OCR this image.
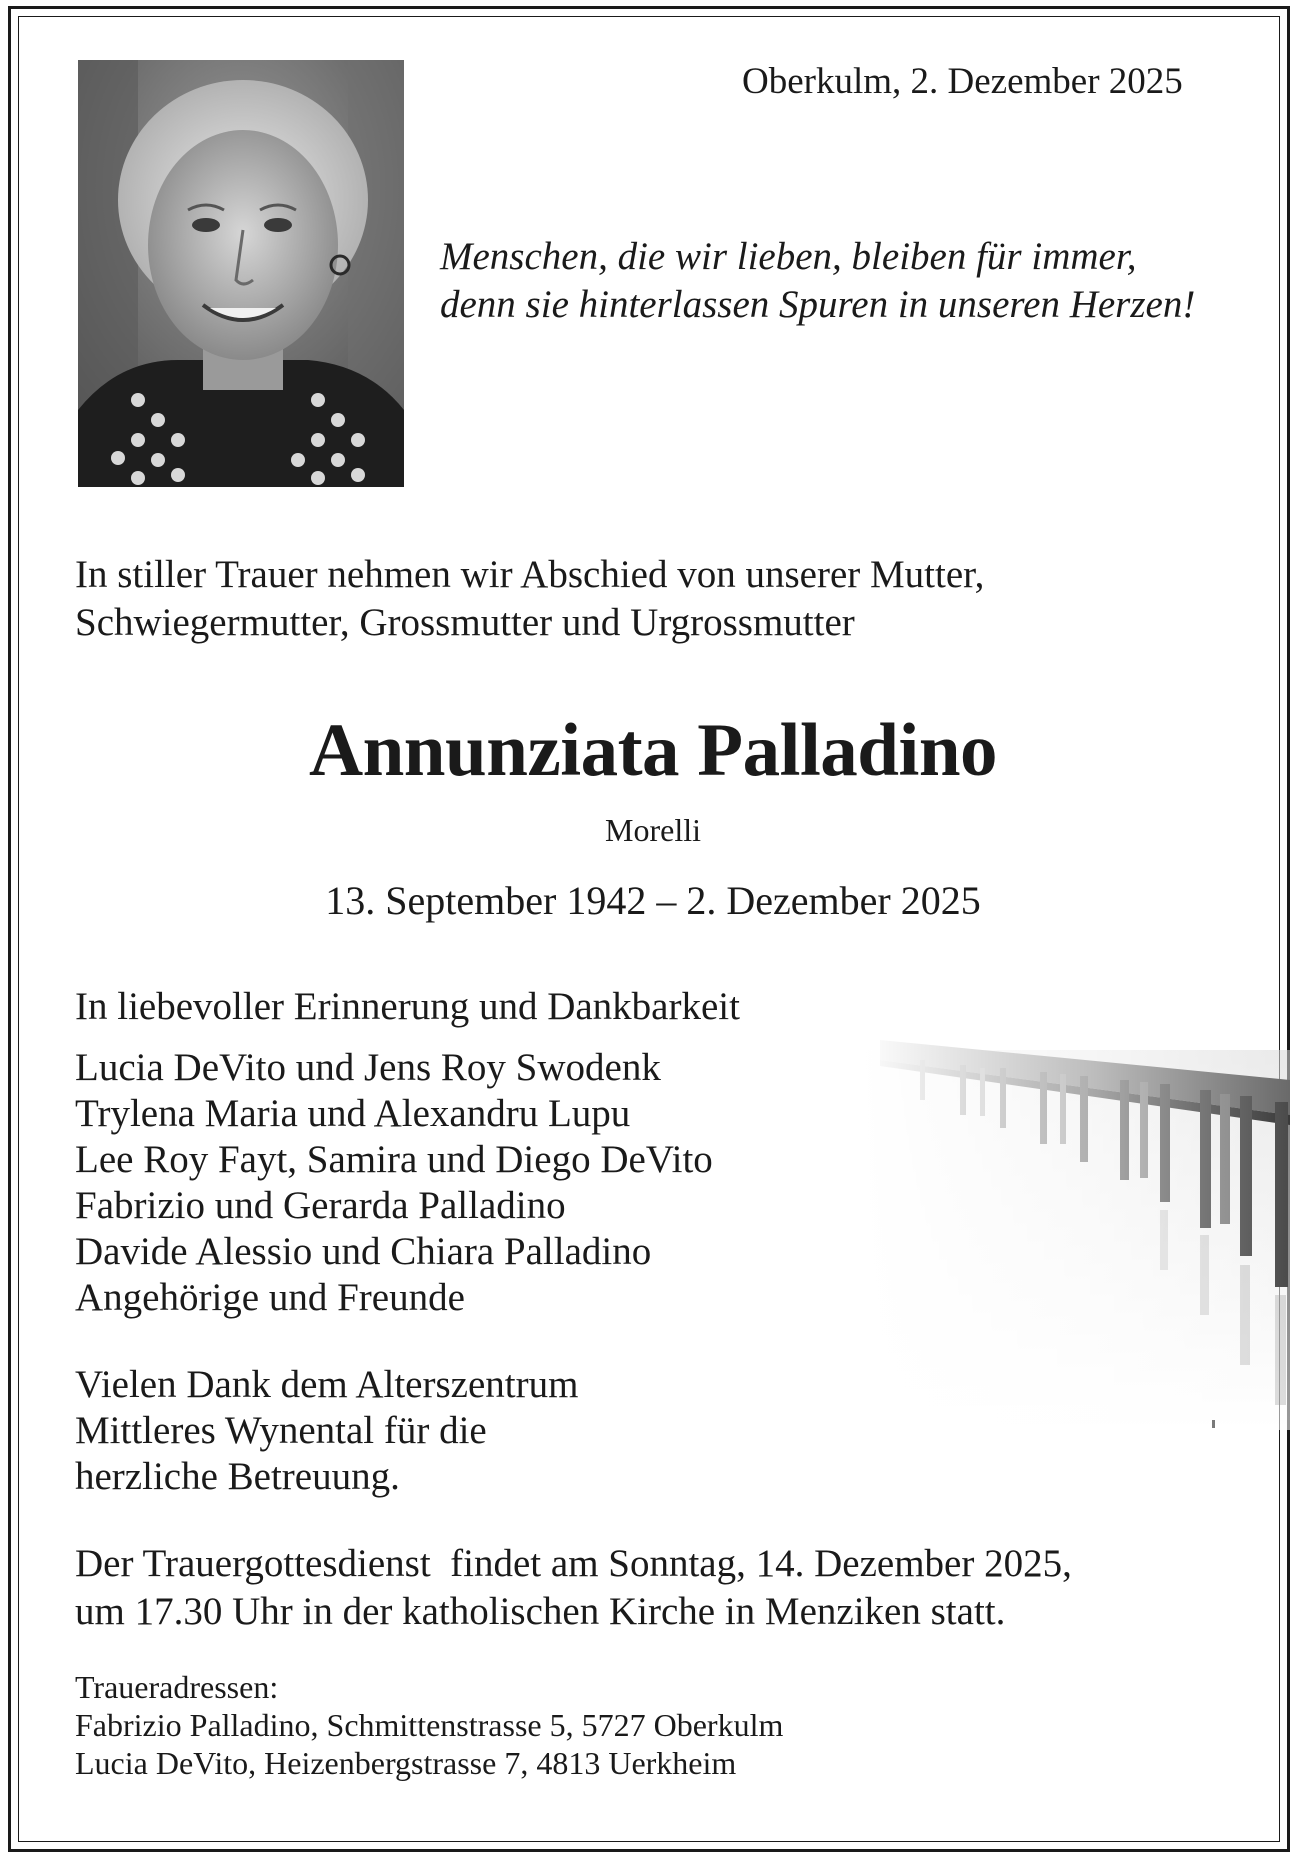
Oberkulm, 2. Dezember 2025
Menschen, die wir lieben, bleiben für immer,
denn sie hinterlassen Spuren in unseren Herzen!
In stiller Trauer nehmen wir Abschied von unserer Mutter,
Schwiegermutter, Grossmutter und Urgrossmutter
Annunziata Palladino
Morelli
13. September 1942 – 2. Dezember 2025
In liebevoller Erinnerung und Dankbarkeit
Lucia DeVito und Jens Roy Swodenk
Trylena Maria und Alexandru Lupu
Lee Roy Fayt, Samira und Diego DeVito
Fabrizio und Gerarda Palladino
Davide Alessio und Chiara Palladino
Angehörige und Freunde
Vielen Dank dem Alterszentrum
Mittleres Wynental für die
herzliche Betreuung.
Der Trauergottesdienst  findet am Sonntag, 14. Dezember 2025,
um 17.30 Uhr in der katholischen Kirche in Menziken statt.
Traueradressen:
Fabrizio Palladino, Schmittenstrasse 5, 5727 Oberkulm
Lucia DeVito, Heizenbergstrasse 7, 4813 Uerkheim
